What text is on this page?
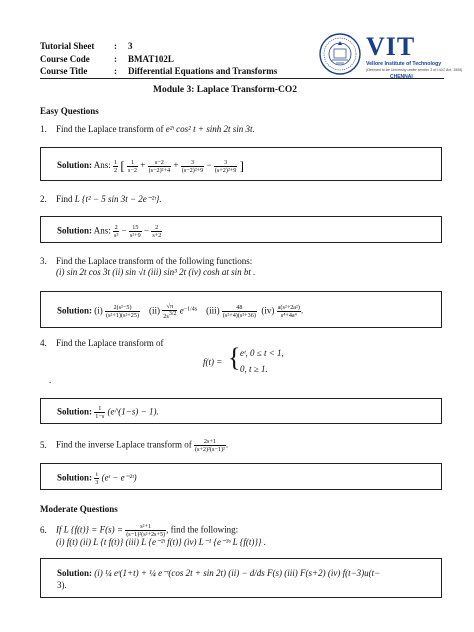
Tutorial Sheet	:	3
Course Code	:	BMAT102L
Course Title	:	Differential Equations and Transforms
VIT
Vellore Institute of Technology
(Deemed to be University under section 3 of UGC Act, 1956)
CHENNAI
Module 3: Laplace Transform-CO2
Easy Questions
1. Find the Laplace transform of e²ᵗ cos² t + sinh 2t sin 3t.
Solution: Ans: $\frac{1}{2}$ [ $\frac{1}{s-2} + \frac{s-2}{\text{(s−2)²+4}} + \frac{3}{\text{(s−2)²+9}} - \frac{3}{\text{(s+2)²+9}}$ ]
2. Find L {t² − 5 sin 3t − 2e⁻²ᵗ}.
Solution: Ans: $\frac{2}{\text{s³}} - \frac{15}{\text{s²+9}} - \frac{2}{s+2}$
3. Find the Laplace transform of the following functions:
(i) sin 2t cos 3t (ii) sin √t (iii) sin³ 2t (iv) cosh at sin bt .
Solution: $(i) \frac{\text{2(s²−5)}}{\text{(s²+1)(s²+25)}} (ii) \frac{√\pi}{2s^{3/2}} e^{-1/4s}$    $(iii) \frac{48}{\text{(s²+4)(s²+36)}} (iv) \frac{\text{a(s²+2a²)}}{\text{s⁴+4a⁴}}$ .
4. Find the Laplace transform of
f(t) = { eᵗ, 0 ≤ t < 1,
0, t ≥ 1.
.
Solution: $\frac{1}{1-s}$ (e^(1−s) − 1).
5. Find the inverse Laplace transform of $\frac{2s+1}{\text{(s+2)²(s−1)²}}$ .
Solution: $\frac{t}{3}$ (eᵗ − e⁻²ᵗ)
Moderate Questions
6. If L $\{f(t)\} = F(s) = \frac{\text{s²+1}}{\text{(s−1)²(s²+2s+5)}}$ , find the following:
(i) f(t) (ii) L {t f(t)} (iii) L {e⁻²ᵗ f(t)} (iv) L⁻¹ {e⁻³ˢ L {f(t)}} .
Solution: (i) ¼ eᵗ(1+t) + ¼ e⁻ᵗ(cos 2t + sin 2t) (ii) − d/ds F(s) (iii) F(s+2) (iv) f(t−3)u(t−
3).
